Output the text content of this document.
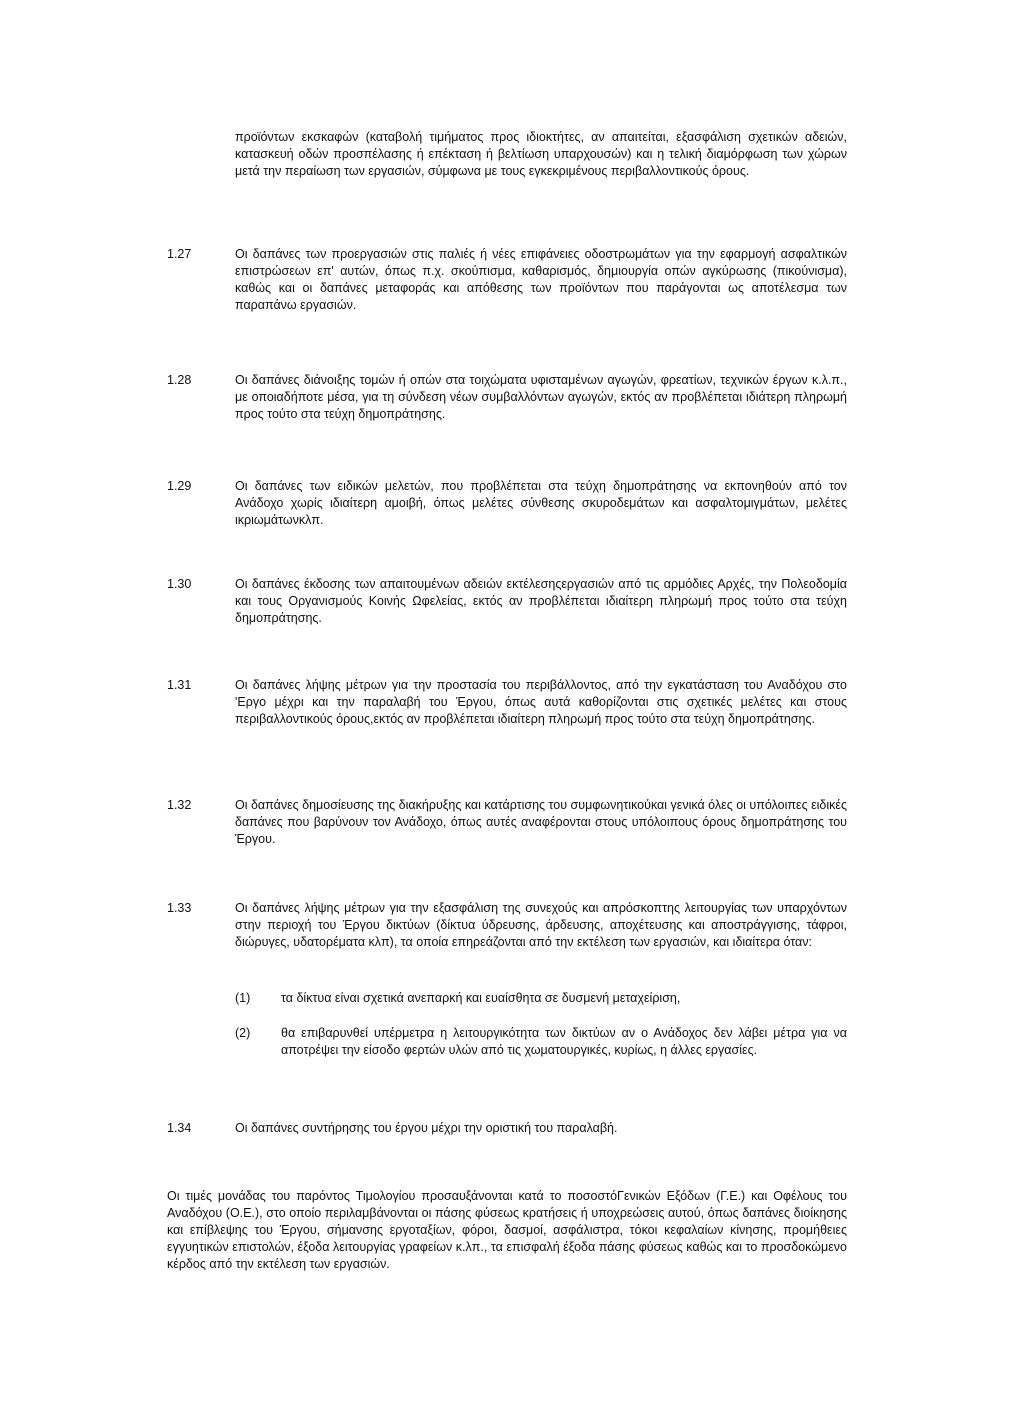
προϊόντων εκσκαφών (καταβολή τιμήματος προς ιδιοκτήτες, αν απαιτείται, εξασφάλιση σχετικών αδειών, κατασκευή οδών προσπέλασης ή επέκταση ή βελτίωση υπαρχουσών) και η τελική διαμόρφωση των χώρων μετά την περαίωση των εργασιών, σύμφωνα με τους εγκεκριμένους περιβαλλοντικούς όρους.
1.27	Οι δαπάνες των προεργασιών στις παλιές ή νέες επιφάνειες οδοστρωμάτων για την εφαρμογή ασφαλτικών επιστρώσεων επ' αυτών, όπως π.χ. σκούπισμα, καθαρισμός, δημιουργία οπών αγκύρωσης (πικούνισμα), καθώς και οι δαπάνες μεταφοράς και απόθεσης των προϊόντων που παράγονται ως αποτέλεσμα των παραπάνω εργασιών.
1.28	Οι δαπάνες διάνοιξης τομών ή οπών στα τοιχώματα υφισταμένων αγωγών, φρεατίων, τεχνικών έργων κ.λ.π., με οποιαδήποτε μέσα, για τη σύνδεση νέων συμβαλλόντων αγωγών, εκτός αν προβλέπεται ιδιάτερη πληρωμή προς τούτο στα τεύχη δημοπράτησης.
1.29	Οι δαπάνες των ειδικών μελετών, που προβλέπεται στα τεύχη δημοπράτησης να εκπονηθούν από τον Ανάδοχο χωρίς ιδιαίτερη αμοιβή, όπως μελέτες σύνθεσης σκυροδεμάτων και ασφαλτομιγμάτων, μελέτες ικριωμάτωνκλπ.
1.30	Οι δαπάνες έκδοσης των απαιτουμένων αδειών εκτέλεσηςεργασιών από τις αρμόδιες Αρχές, την Πολεοδομία και τους Οργανισμούς Κοινής Ωφελείας, εκτός αν προβλέπεται ιδιαίτερη πληρωμή προς τούτο στα τεύχη δημοπράτησης.
1.31	Οι δαπάνες λήψης μέτρων για την προστασία του περιβάλλοντος, από την εγκατάσταση του Αναδόχου στο 'Εργο μέχρι και την παραλαβή του Έργου, όπως αυτά καθορίζονται στις σχετικές μελέτες και στους περιβαλλοντικούς όρους,εκτός αν προβλέπεται ιδιαίτερη πληρωμή προς τούτο στα τεύχη δημοπράτησης.
1.32	Οι δαπάνες δημοσίευσης της διακήρυξης και κατάρτισης του συμφωνητικούκαι γενικά όλες οι υπόλοιπες ειδικές δαπάνες που βαρύνουν τον Ανάδοχο, όπως αυτές αναφέρονται στους υπόλοιπους όρους δημοπράτησης του Έργου.
1.33	Οι δαπάνες λήψης μέτρων για την εξασφάλιση της συνεχούς και απρόσκοπτης λειτουργίας των υπαρχόντων στην περιοχή του Έργου δικτύων (δίκτυα ύδρευσης, άρδευσης, αποχέτευσης και αποστράγγισης, τάφροι, διώρυγες, υδατορέματα κλπ), τα οποία επηρεάζονται από την εκτέλεση των εργασιών, και ιδιαίτερα όταν:
(1) τα δίκτυα είναι σχετικά ανεπαρκή και ευαίσθητα σε δυσμενή μεταχείριση,
(2) θα επιβαρυνθεί υπέρμετρα η λειτουργικότητα των δικτύων αν ο Ανάδοχος δεν λάβει μέτρα για να αποτρέψει την είσοδο φερτών υλών από τις χωματουργικές, κυρίως, η άλλες εργασίες.
1.34	Οι δαπάνες συντήρησης του έργου μέχρι την οριστική του παραλαβή.
Οι τιμές μονάδας του παρόντος Τιμολογίου προσαυξάνονται κατά το ποσοστόΓενικών Εξόδων (Γ.Ε.) και Οφέλους του Αναδόχου (Ο.Ε.), στο οποίο περιλαμβάνονται οι πάσης φύσεως κρατήσεις ή υποχρεώσεις αυτού, όπως δαπάνες διοίκησης και επίβλεψης του Έργου, σήμανσης εργοταξίων, φόροι, δασμοί, ασφάλιστρα, τόκοι κεφαλαίων κίνησης, προμήθειες εγγυητικών επιστολών, έξοδα λειτουργίας γραφείων κ.λπ., τα επισφαλή έξοδα πάσης φύσεως καθώς και το προσδοκώμενο κέρδος από την εκτέλεση των εργασιών.
